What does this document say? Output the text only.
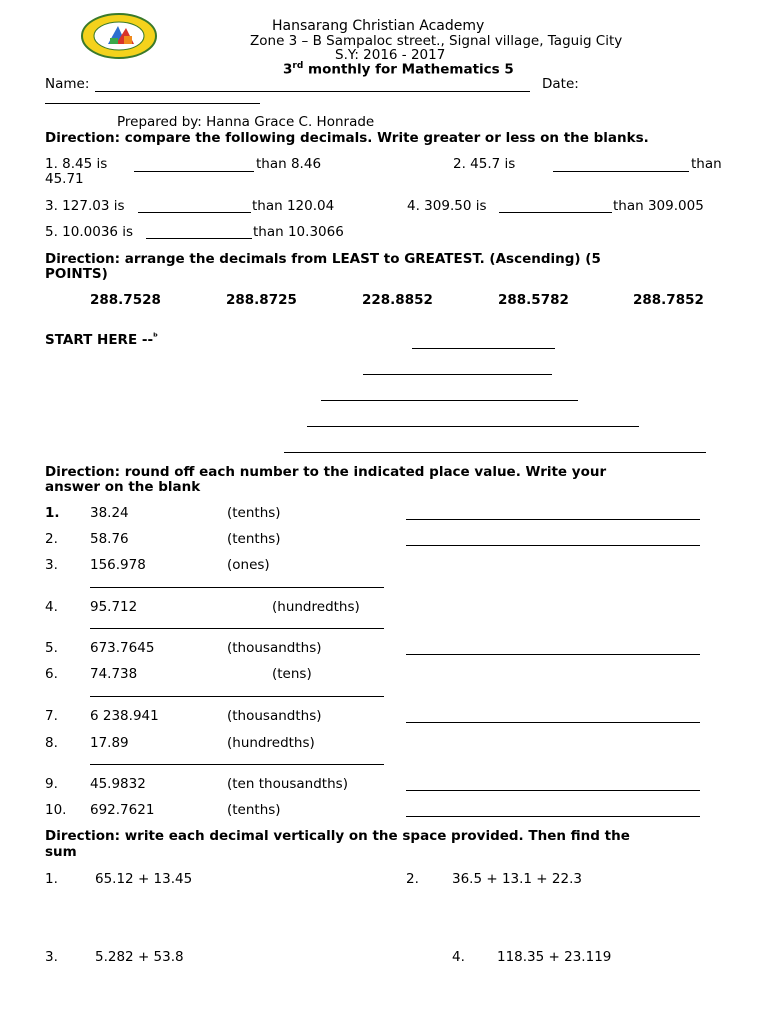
Hansarang Christian Academy
Zone 3 – B Sampaloc street., Signal village, Taguig City
S.Y: 2016 - 2017
3rd monthly for Mathematics 5
Name:	Date:
Prepared by: Hanna Grace C. Honrade
Direction: compare the following decimals. Write greater or less on the blanks.
1. 8.45 is	than 8.46	2. 45.7 is	than
45.71
3. 127.03 is	than 120.04	4. 309.50 is	than 309.005
5. 10.0036 is	than 10.3066
Direction: arrange the decimals from LEAST to GREATEST. (Ascending) (5
POINTS)
288.7528	288.8725	228.8852	288.5782	288.7852
START HERE --$^ᵇ$
Direction: round off each number to the indicated place value. Write your
answer on the blank
1. 38.24	(tenths)
2. 58.76	(tenths)
3. 156.978	(ones)
4. 95.712	(hundredths)
5. 673.7645	(thousandths)
6. 74.738	(tens)
7. 6 238.941	(thousandths)
8. 17.89	(hundredths)
9. 45.9832	(ten thousandths)
10. 692.7621	(tenths)
Direction: write each decimal vertically on the space provided. Then find the
sum
1.	65.12 + 13.45	2. 36.5 + 13.1 + 22.3
3.	5.282 + 53.8	4. 118.35 + 23.119
